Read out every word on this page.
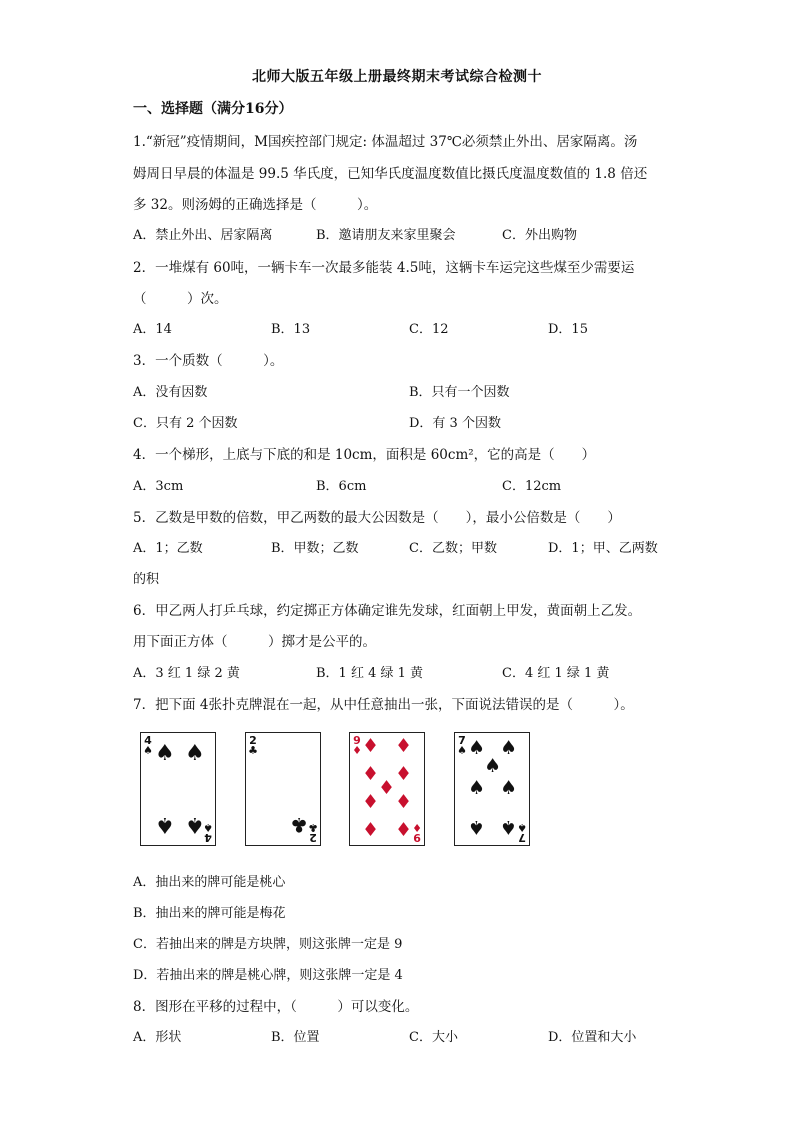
北师大版五年级上册最终期末考试综合检测十
一、选择题（满分16分）
1.“新冠”疫情期间，M国疾控部门规定: 体温超过 37℃必须禁止外出、居家隔离。汤
姆周日早晨的体温是 99.5 华氏度，已知华氏度温度数值比摄氏度温度数值的 1.8 倍还
多 32。则汤姆的正确选择是（　　　）。
A．禁止外出、居家隔离	B．邀请朋友来家里聚会	C．外出购物
2．一堆煤有 60吨，一辆卡车一次最多能装 4.5吨，这辆卡车运完这些煤至少需要运
（　　　）次。
A．14	B．13	C．12	D．15
3．一个质数（　　　）。
A．没有因数	B．只有一个因数
C．只有 2 个因数	D．有 3 个因数
4．一个梯形，上底与下底的和是 10cm，面积是 60cm²，它的高是（　　）
A．3cm	B．6cm	C．12cm
5．乙数是甲数的倍数，甲乙两数的最大公因数是（　　），最小公倍数是（　　）
A．1；乙数	B．甲数；乙数	C．乙数；甲数	D．1；甲、乙两数
的积
6．甲乙两人打乒乓球，约定掷正方体确定谁先发球，红面朝上甲发，黄面朝上乙发。
用下面正方体（　　　）掷才是公平的。
A．3 红 1 绿 2 黄	B．1 红 4 绿 1 黄	C．4 红 1 绿 1 黄
7．把下面 4张扑克牌混在一起，从中任意抽出一张，下面说法错误的是（　　　）。
4
♠ ♠ ♠
♠ ♠
4
♠
2
♣
♣
2
♣
9
♦ ♦ ♦
♦ ♦
♦
♦ ♦
♦ ♦ 9
♦
7
♠ ♠ ♠
♠
♠ ♠
♠ ♠ 7
♠
A．抽出来的牌可能是桃心
B．抽出来的牌可能是梅花
C．若抽出来的牌是方块牌，则这张牌一定是 9
D．若抽出来的牌是桃心牌，则这张牌一定是 4
8．图形在平移的过程中，（　　　）可以变化。
A．形状	B．位置	C．大小	D．位置和大小
